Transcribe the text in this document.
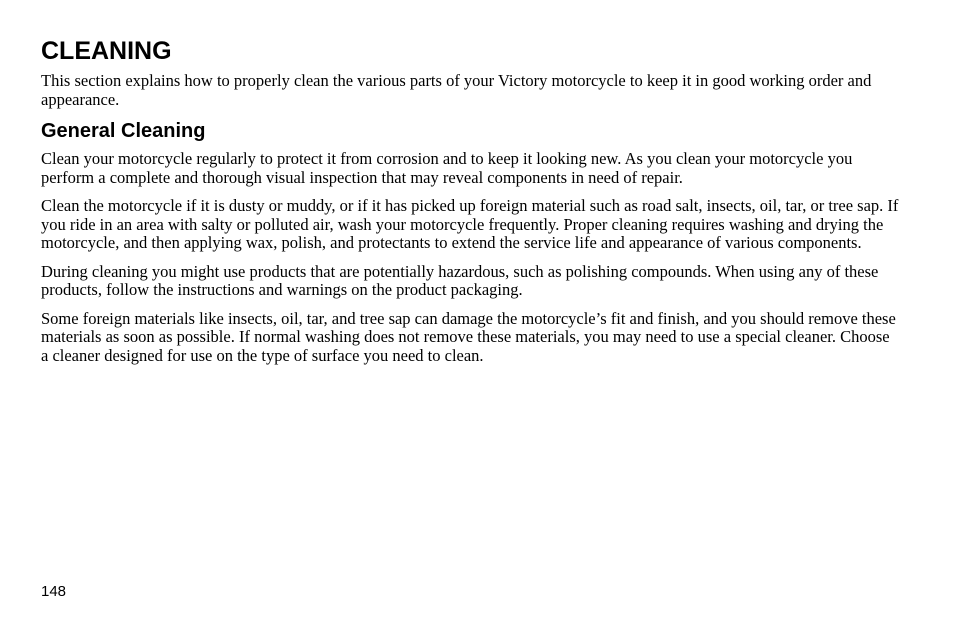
CLEANING

This section explains how to properly clean the various parts of your Victory motorcycle to keep it in good working order and appearance.

General Cleaning

Clean your motorcycle regularly to protect it from corrosion and to keep it looking new. As you clean your motorcycle you perform a complete and thorough visual inspection that may reveal components in need of repair.

Clean the motorcycle if it is dusty or muddy, or if it has picked up foreign material such as road salt, insects, oil, tar, or tree sap. If you ride in an area with salty or polluted air, wash your motorcycle frequently. Proper cleaning requires washing and drying the motorcycle, and then applying wax, polish, and protectants to extend the service life and appearance of various components.

During cleaning you might use products that are potentially hazardous, such as polishing compounds. When using any of these products, follow the instructions and warnings on the product packaging.

Some foreign materials like insects, oil, tar, and tree sap can damage the motorcycle’s fit and finish, and you should remove these materials as soon as possible. If normal washing does not remove these materials, you may need to use a special cleaner. Choose a cleaner designed for use on the type of surface you need to clean.

148
